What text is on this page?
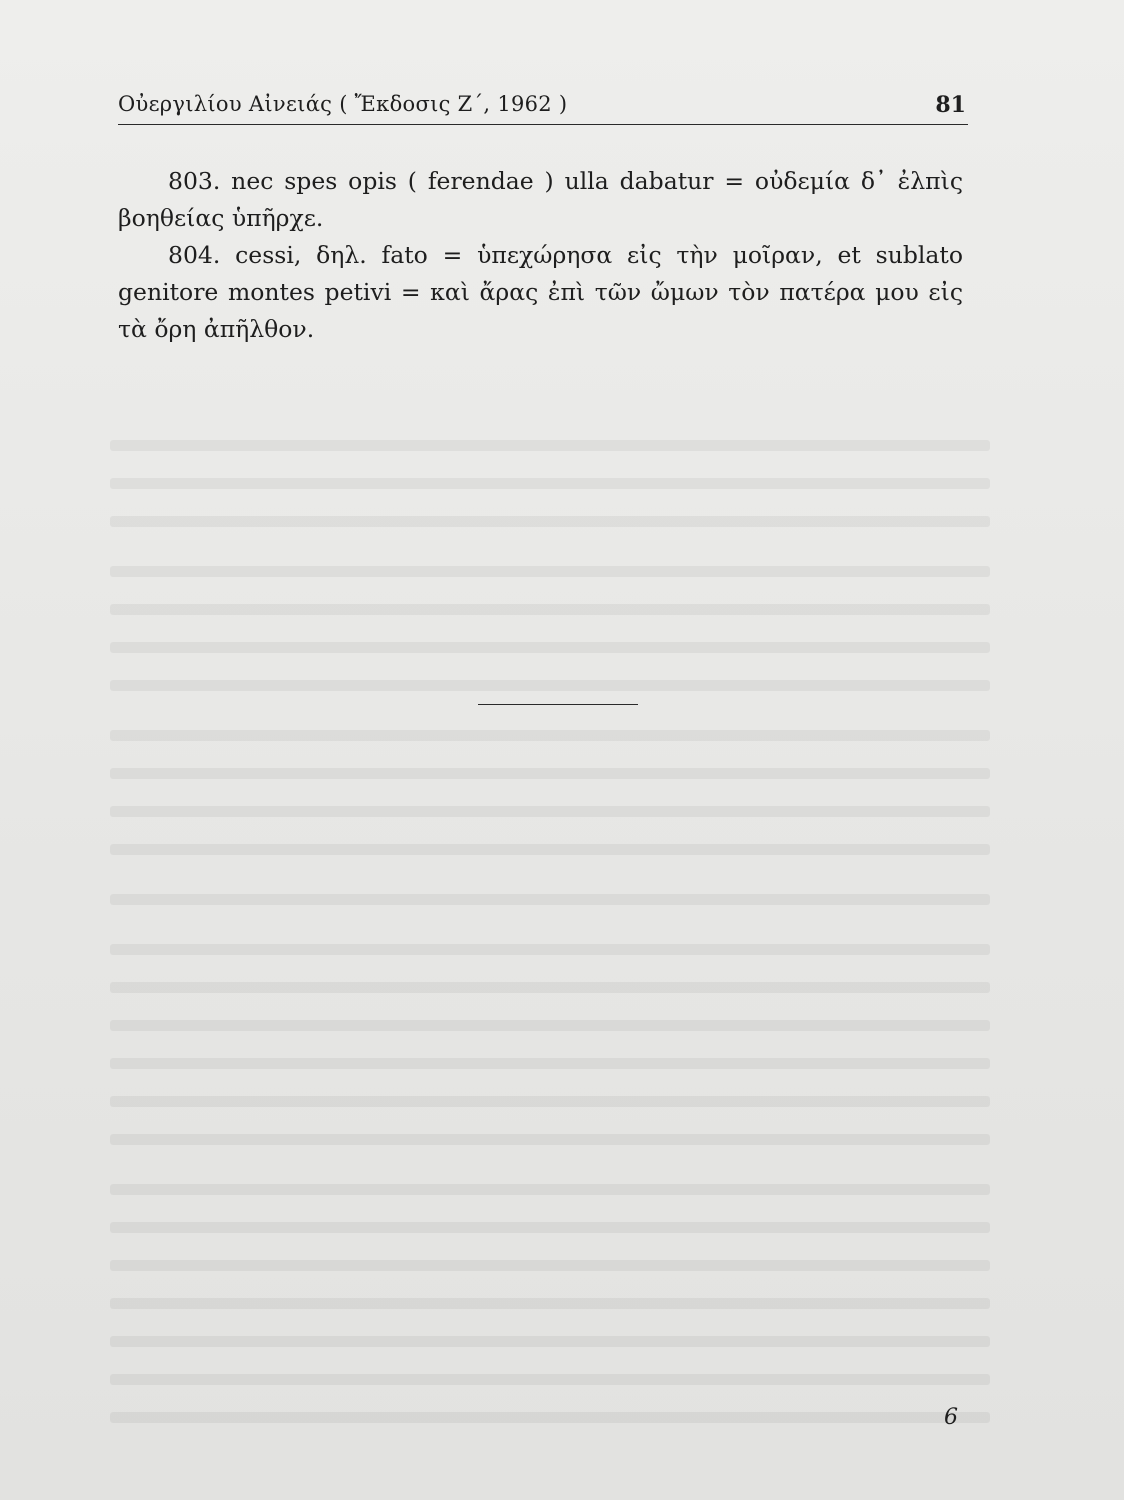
Οὐεργιλίου Αἰνειάς ( Ἔκδοσις Ζ΄, 1962 )	81

803. nec spes opis ( ferendae ) ulla dabatur = οὐδεμία δ᾽ ἐλπὶς βοηθείας ὑπῆρχε.

804. cessi, δηλ. fato = ὑπεχώρησα εἰς τὴν μοῖραν, et sublato genitore montes petivi = καὶ ἄρας ἐπὶ τῶν ὤμων τὸν πατέρα μου εἰς τὰ ὄρη ἀπῆλθον.

6
